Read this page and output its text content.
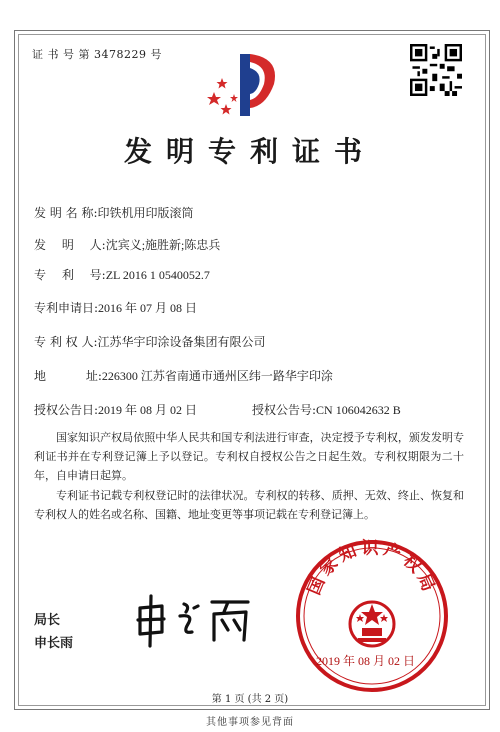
证 书 号 第 3478229 号
发明专利证书
发 明 名 称:印铁机用印版滚筒
发　 明　 人:沈宾义;施胜新;陈忠兵
专　 利　 号:ZL 2016 1 0540052.7
专利申请日:2016 年 07 月 08 日
专 利 权 人:江苏华宇印涂设备集团有限公司
地　　　 址:226300 江苏省南通市通州区纬一路华宇印涂
授权公告日:2019 年 08 月 02 日	授权公告号:CN 106042632 B
国家知识产权局依照中华人民共和国专利法进行审查，决定授予专利权，颁发发明专利证书并在专利登记簿上予以登记。专利权自授权公告之日起生效。专利权期限为二十年，自申请日起算。
专利证书记载专利权登记时的法律状况。专利权的转移、质押、无效、终止、恢复和专利权人的姓名或名称、国籍、地址变更等事项记载在专利登记簿上。
局长
申长雨
国家知识产权局
2019 年 08 月 02 日
第 1 页 (共 2 页)
其他事项参见背面
